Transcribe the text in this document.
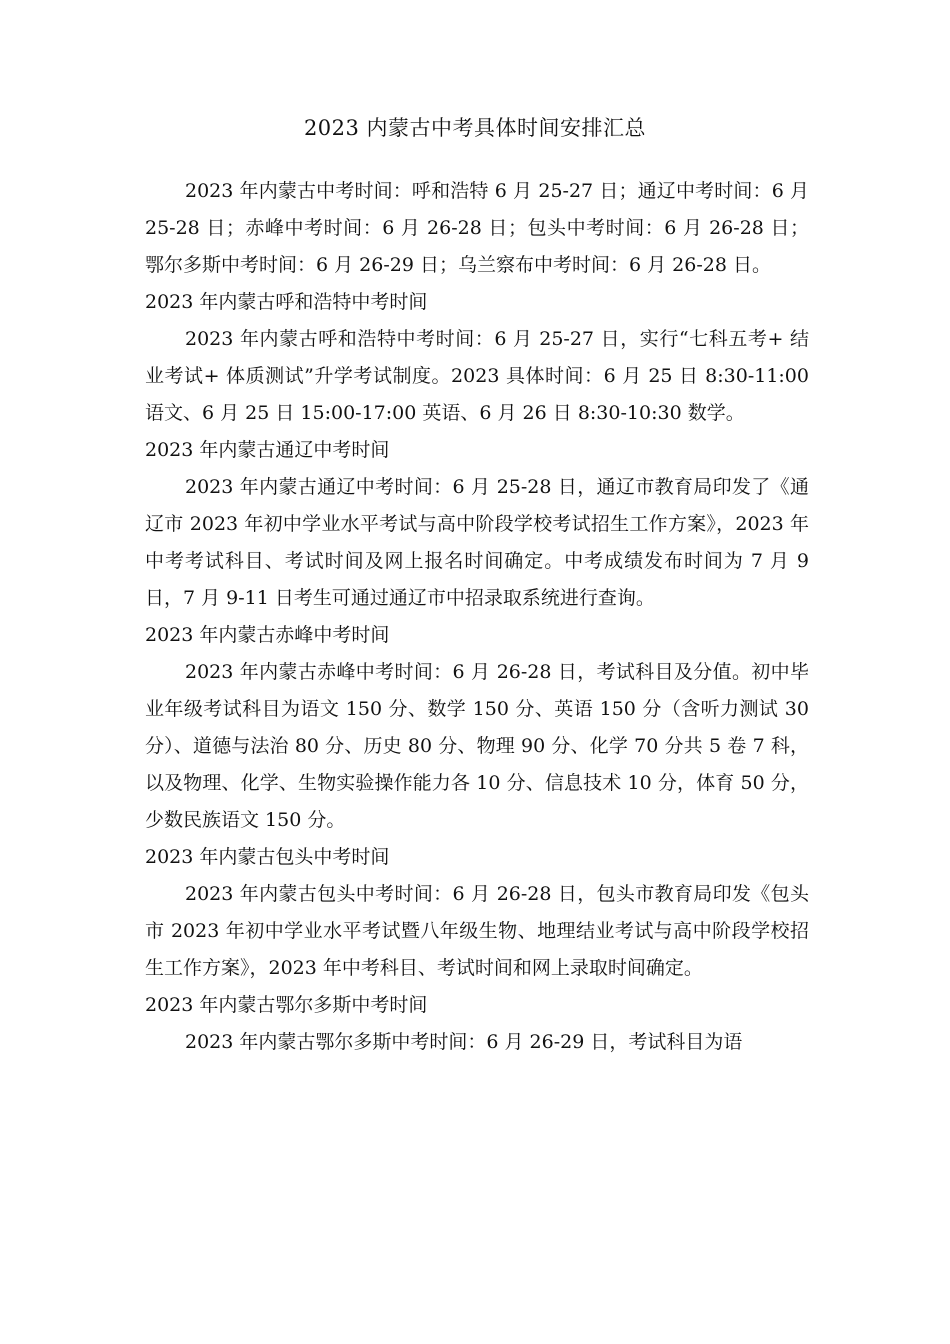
2023 内蒙古中考具体时间安排汇总

2023 年内蒙古中考时间：呼和浩特 6 月 25-27 日；通辽中考时间：6 月 25-28 日；赤峰中考时间：6 月 26-28 日；包头中考时间：6 月 26-28 日；鄂尔多斯中考时间：6 月 26-29 日；乌兰察布中考时间：6 月 26-28 日。

2023 年内蒙古呼和浩特中考时间

2023 年内蒙古呼和浩特中考时间：6 月 25-27 日，实行“七科五考+ 结业考试+ 体质测试”升学考试制度。2023 具体时间：6 月 25 日 8:30-11:00 语文、6 月 25 日 15:00-17:00 英语、6 月 26 日 8:30-10:30 数学。

2023 年内蒙古通辽中考时间

2023 年内蒙古通辽中考时间：6 月 25-28 日，通辽市教育局印发了《通辽市 2023 年初中学业水平考试与高中阶段学校考试招生工作方案》，2023 年中考考试科目、考试时间及网上报名时间确定。中考成绩发布时间为 7 月 9 日，7 月 9-11 日考生可通过通辽市中招录取系统进行查询。

2023 年内蒙古赤峰中考时间

2023 年内蒙古赤峰中考时间：6 月 26-28 日，考试科目及分值。初中毕业年级考试科目为语文 150 分、数学 150 分、英语 150 分（含听力测试 30 分）、道德与法治 80 分、历史 80 分、物理 90 分、化学 70 分共 5 卷 7 科，以及物理、化学、生物实验操作能力各 10 分、信息技术 10 分，体育 50 分，少数民族语文 150 分。

2023 年内蒙古包头中考时间

2023 年内蒙古包头中考时间：6 月 26-28 日，包头市教育局印发《包头市 2023 年初中学业水平考试暨八年级生物、地理结业考试与高中阶段学校招生工作方案》，2023 年中考科目、考试时间和网上录取时间确定。

2023 年内蒙古鄂尔多斯中考时间

2023 年内蒙古鄂尔多斯中考时间：6 月 26-29 日，考试科目为语
